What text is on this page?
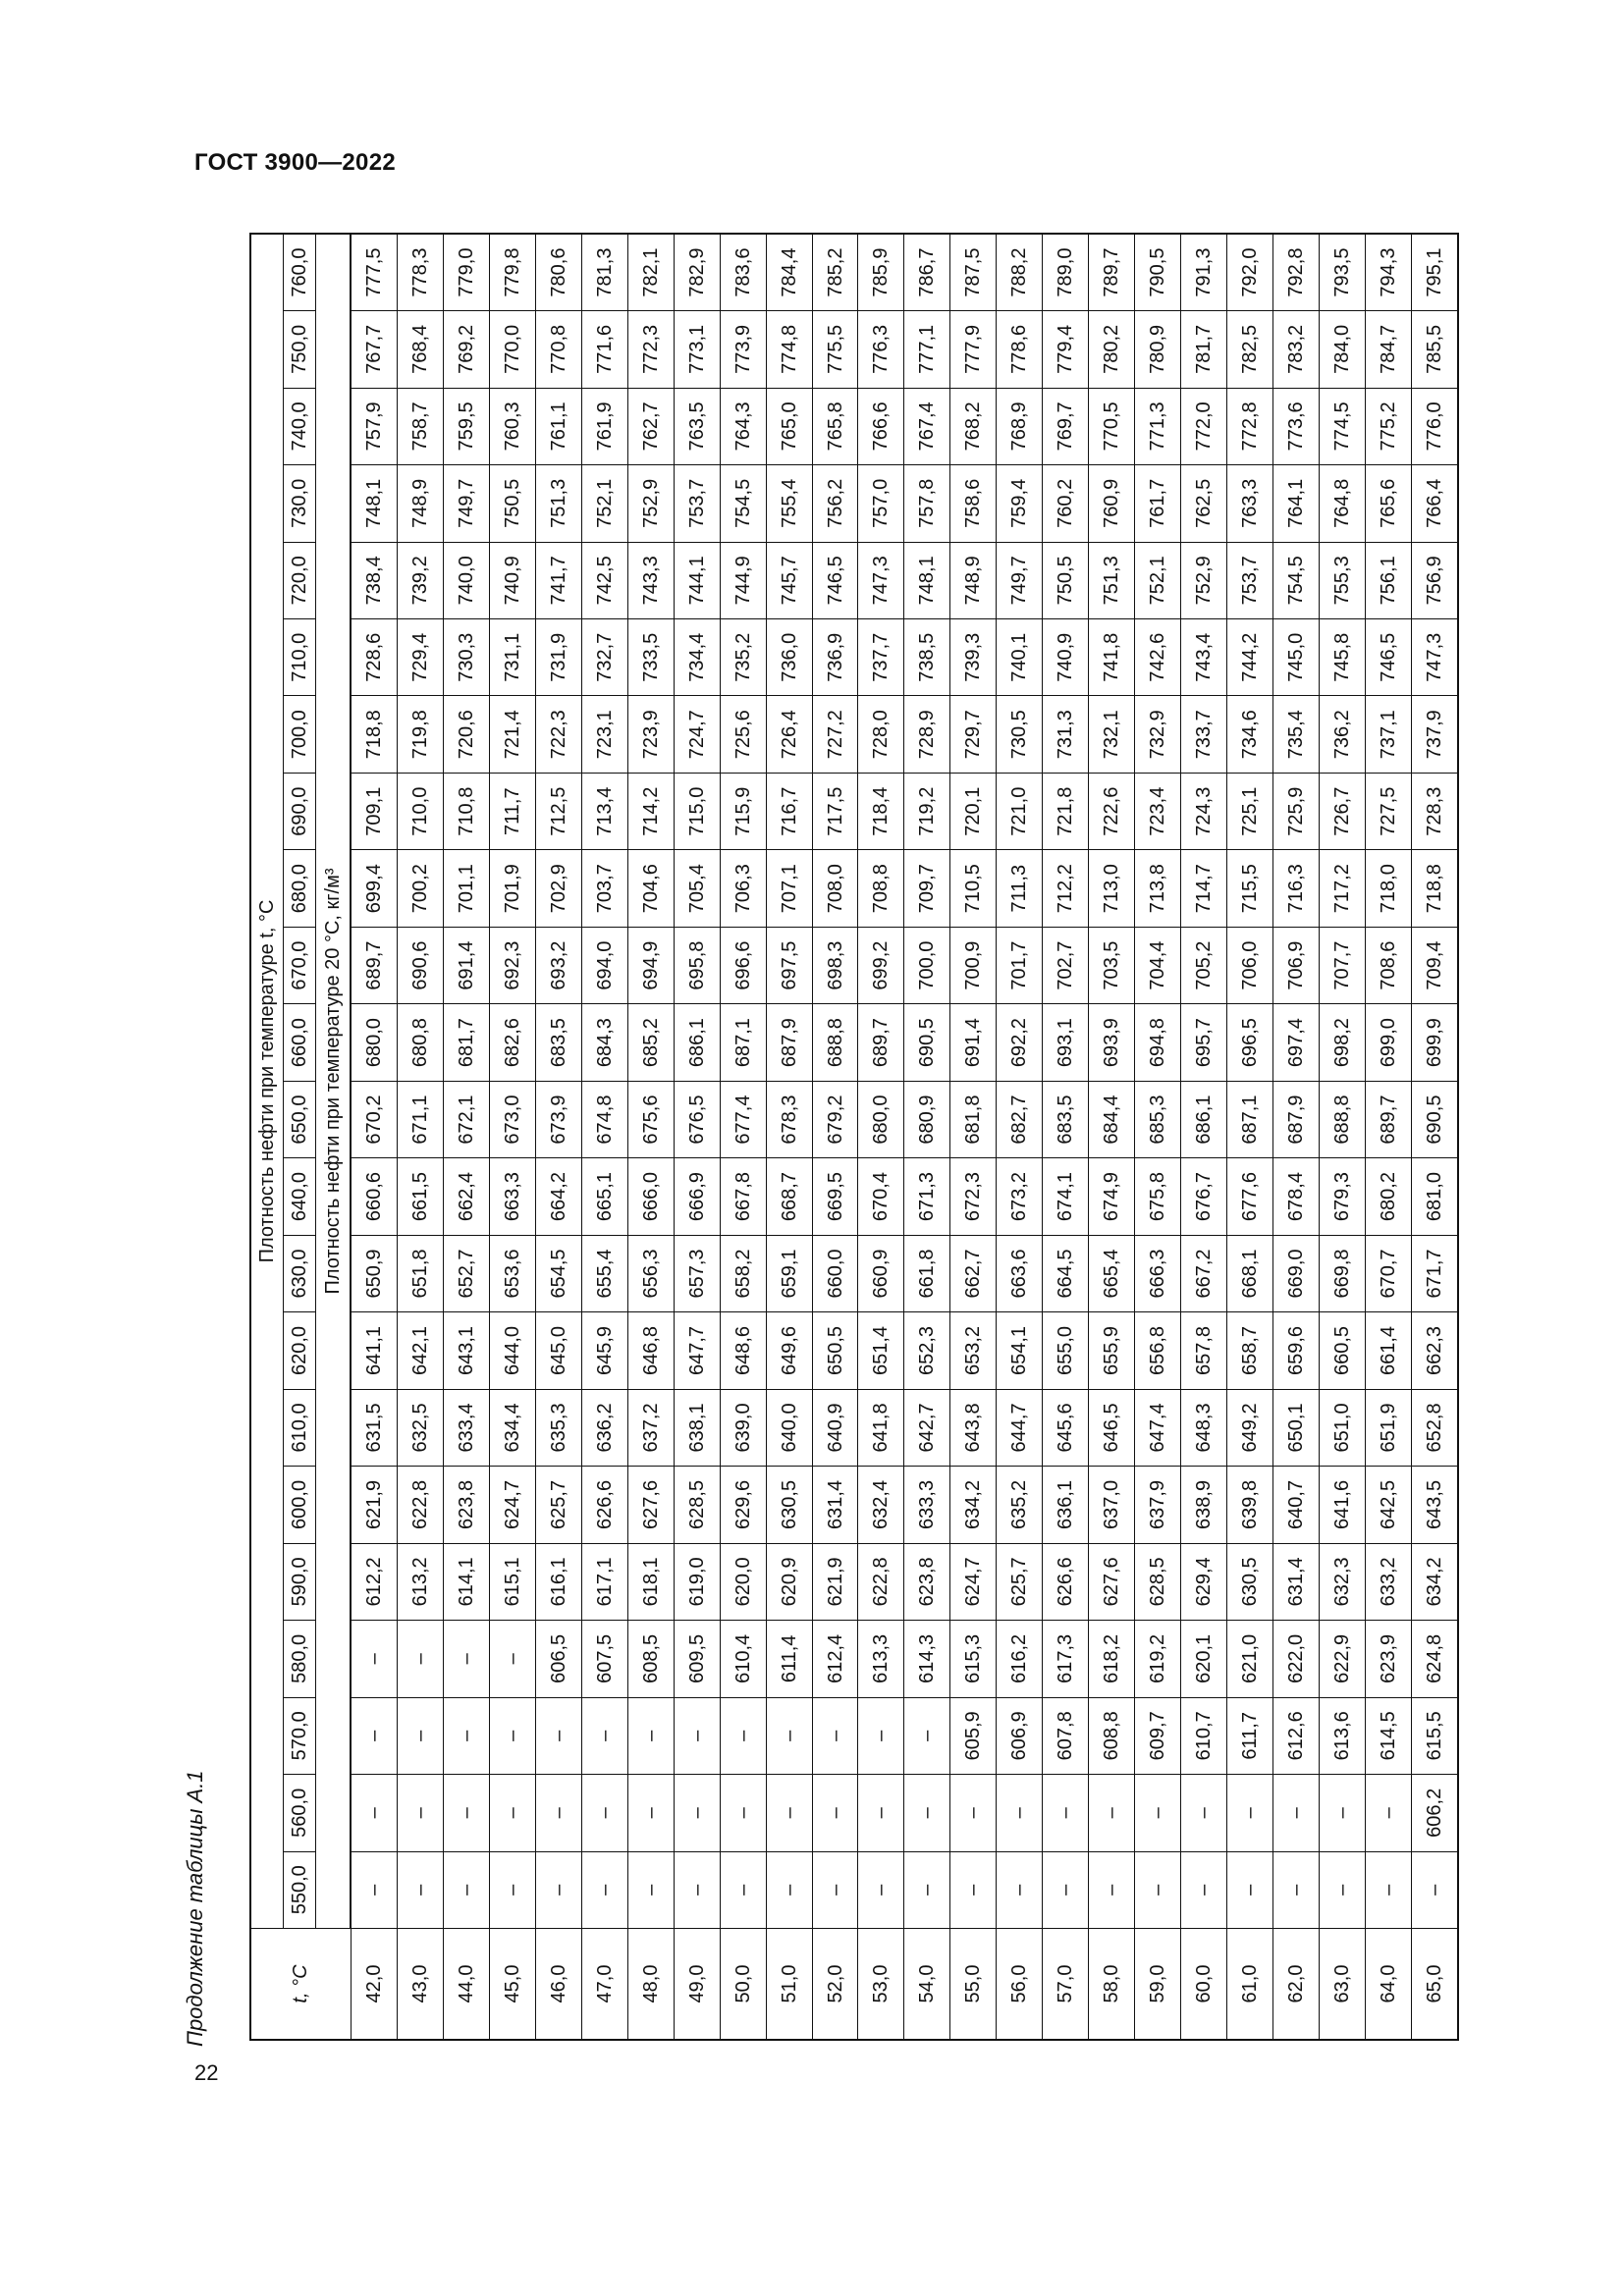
ГОСТ 3900—2022
Продолжение таблицы А.1
22
t, °C	Плотность нефти при температуре t, °C																					
	550,0	560,0	570,0	580,0	590,0	600,0	610,0	620,0	630,0	640,0	650,0	660,0	670,0	680,0	690,0	700,0	710,0	720,0	730,0	740,0	750,0	760,0
	Плотность нефти при температуре 20 °C, кг/м³																					
42,0	–	–	–	–	612,2	621,9	631,5	641,1	650,9	660,6	670,2	680,0	689,7	699,4	709,1	718,8	728,6	738,4	748,1	757,9	767,7	777,5
43,0	–	–	–	–	613,2	622,8	632,5	642,1	651,8	661,5	671,1	680,8	690,6	700,2	710,0	719,8	729,4	739,2	748,9	758,7	768,4	778,3
44,0	–	–	–	–	614,1	623,8	633,4	643,1	652,7	662,4	672,1	681,7	691,4	701,1	710,8	720,6	730,3	740,0	749,7	759,5	769,2	779,0
45,0	–	–	–	–	615,1	624,7	634,4	644,0	653,6	663,3	673,0	682,6	692,3	701,9	711,7	721,4	731,1	740,9	750,5	760,3	770,0	779,8
46,0	–	–	–	606,5	616,1	625,7	635,3	645,0	654,5	664,2	673,9	683,5	693,2	702,9	712,5	722,3	731,9	741,7	751,3	761,1	770,8	780,6
47,0	–	–	–	607,5	617,1	626,6	636,2	645,9	655,4	665,1	674,8	684,3	694,0	703,7	713,4	723,1	732,7	742,5	752,1	761,9	771,6	781,3
48,0	–	–	–	608,5	618,1	627,6	637,2	646,8	656,3	666,0	675,6	685,2	694,9	704,6	714,2	723,9	733,5	743,3	752,9	762,7	772,3	782,1
49,0	–	–	–	609,5	619,0	628,5	638,1	647,7	657,3	666,9	676,5	686,1	695,8	705,4	715,0	724,7	734,4	744,1	753,7	763,5	773,1	782,9
50,0	–	–	–	610,4	620,0	629,6	639,0	648,6	658,2	667,8	677,4	687,1	696,6	706,3	715,9	725,6	735,2	744,9	754,5	764,3	773,9	783,6
51,0	–	–	–	611,4	620,9	630,5	640,0	649,6	659,1	668,7	678,3	687,9	697,5	707,1	716,7	726,4	736,0	745,7	755,4	765,0	774,8	784,4
52,0	–	–	–	612,4	621,9	631,4	640,9	650,5	660,0	669,5	679,2	688,8	698,3	708,0	717,5	727,2	736,9	746,5	756,2	765,8	775,5	785,2
53,0	–	–	–	613,3	622,8	632,4	641,8	651,4	660,9	670,4	680,0	689,7	699,2	708,8	718,4	728,0	737,7	747,3	757,0	766,6	776,3	785,9
54,0	–	–	–	614,3	623,8	633,3	642,7	652,3	661,8	671,3	680,9	690,5	700,0	709,7	719,2	728,9	738,5	748,1	757,8	767,4	777,1	786,7
55,0	–	–	605,9	615,3	624,7	634,2	643,8	653,2	662,7	672,3	681,8	691,4	700,9	710,5	720,1	729,7	739,3	748,9	758,6	768,2	777,9	787,5
56,0	–	–	606,9	616,2	625,7	635,2	644,7	654,1	663,6	673,2	682,7	692,2	701,7	711,3	721,0	730,5	740,1	749,7	759,4	768,9	778,6	788,2
57,0	–	–	607,8	617,3	626,6	636,1	645,6	655,0	664,5	674,1	683,5	693,1	702,7	712,2	721,8	731,3	740,9	750,5	760,2	769,7	779,4	789,0
58,0	–	–	608,8	618,2	627,6	637,0	646,5	655,9	665,4	674,9	684,4	693,9	703,5	713,0	722,6	732,1	741,8	751,3	760,9	770,5	780,2	789,7
59,0	–	–	609,7	619,2	628,5	637,9	647,4	656,8	666,3	675,8	685,3	694,8	704,4	713,8	723,4	732,9	742,6	752,1	761,7	771,3	780,9	790,5
60,0	–	–	610,7	620,1	629,4	638,9	648,3	657,8	667,2	676,7	686,1	695,7	705,2	714,7	724,3	733,7	743,4	752,9	762,5	772,0	781,7	791,3
61,0	–	–	611,7	621,0	630,5	639,8	649,2	658,7	668,1	677,6	687,1	696,5	706,0	715,5	725,1	734,6	744,2	753,7	763,3	772,8	782,5	792,0
62,0	–	–	612,6	622,0	631,4	640,7	650,1	659,6	669,0	678,4	687,9	697,4	706,9	716,3	725,9	735,4	745,0	754,5	764,1	773,6	783,2	792,8
63,0	–	–	613,6	622,9	632,3	641,6	651,0	660,5	669,8	679,3	688,8	698,2	707,7	717,2	726,7	736,2	745,8	755,3	764,8	774,5	784,0	793,5
64,0	–	–	614,5	623,9	633,2	642,5	651,9	661,4	670,7	680,2	689,7	699,0	708,6	718,0	727,5	737,1	746,5	756,1	765,6	775,2	784,7	794,3
65,0	–	606,2	615,5	624,8	634,2	643,5	652,8	662,3	671,7	681,0	690,5	699,9	709,4	718,8	728,3	737,9	747,3	756,9	766,4	776,0	785,5	795,1
